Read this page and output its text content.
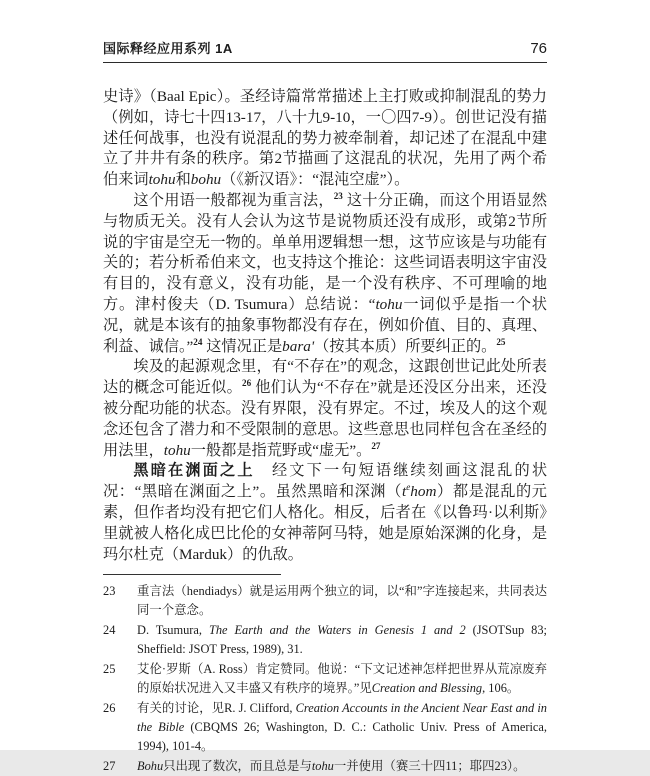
国际释经应用系列 1A	76

史诗》（Baal Epic）。圣经诗篇常常描述上主打败或抑制混乱的势力（例如，诗七十四13-17，八十九9-10，一〇四7-9）。创世记没有描述任何战事，也没有说混乱的势力被牵制着，却记述了在混乱中建立了井井有条的秩序。第2节描画了这混乱的状况，先用了两个希伯来词tohu和bohu（《新汉语》：“混沌空虚”）。

这个用语一般都视为重言法，$^{23}$ 这十分正确，而这个用语显然与物质无关。没有人会认为这节是说物质还没有成形，或第2节所说的宇宙是空无一物的。单单用逻辑想一想，这节应该是与功能有关的；若分析希伯来文，也支持这个推论：这些词语表明这宇宙没有目的，没有意义，没有功能，是一个没有秩序、不可理喻的地方。津村俊夫（D. Tsumura）总结说：“tohu一词似乎是指一个状况，就是本该有的抽象事物都没有存在，例如价值、目的、真理、利益、诚信。”$^{24}$ 这情况正是bara'（按其本质）所要纠正的。$^{25}$

埃及的起源观念里，有“不存在”的观念，这跟创世记此处所表达的概念可能近似。$^{26}$ 他们认为“不存在”就是还没区分出来，还没被分配功能的状态。没有界限，没有界定。不过，埃及人的这个观念还包含了潜力和不受限制的意思。这些意思也同样包含在圣经的用法里，tohu一般都是指荒野或“虚无”。$^{27}$

黑暗在渊面之上　经文下一句短语继续刻画这混乱的状况：“黑暗在渊面之上”。虽然黑暗和深渊$(t^ehom)$都是混乱的元素，但作者均没有把它们人格化。相反，后者在《以鲁玛·以利斯》里就被人格化成巴比伦的女神蒂阿马特，她是原始深渊的化身，是玛尔杜克（Marduk）的仇敌。

23	重言法（hendiadys）就是运用两个独立的词，以“和”字连接起来，共同表达同一个意念。
24	D. Tsumura, The Earth and the Waters in Genesis 1 and 2 (JSOTSup 83; Sheffield: JSOT Press, 1989), 31.
25	艾伦·罗斯（A. Ross）肯定赞同。他说：“下文记述神怎样把世界从荒凉废弃的原始状况进入又丰盛又有秩序的境界。”见Creation and Blessing, 106。
26	有关的讨论，见R. J. Clifford, Creation Accounts in the Ancient Near East and in the Bible (CBQMS 26; Washington, D. C.: Catholic Univ. Press of America, 1994), 101-4。
27	Bohu只出现了数次，而且总是与tohu一并使用（赛三十四11；耶四23）。
